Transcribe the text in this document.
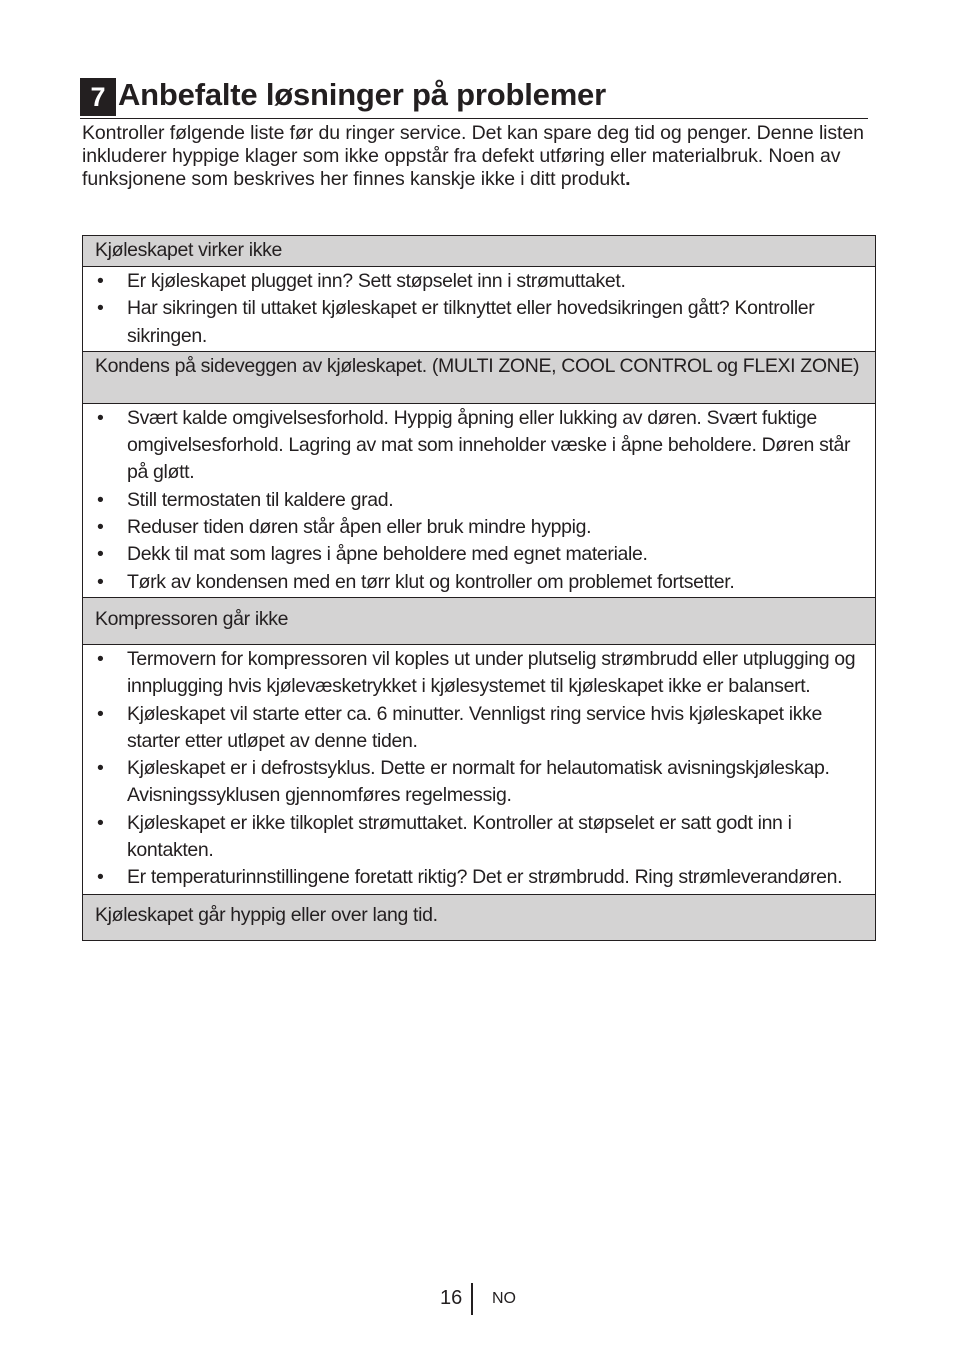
7 Anbefalte løsninger på problemer
Kontroller følgende liste før du ringer service. Det kan spare deg tid og penger. Denne listen inkluderer hyppige klager som ikke oppstår fra defekt utføring eller materialbruk. Noen av funksjonene som beskrives her finnes kanskje ikke i ditt produkt.
Kjøleskapet virker ikke

• Er kjøleskapet plugget inn? Sett støpselet inn i strømuttaket.
• Har sikringen til uttaket kjøleskapet er tilknyttet eller hovedsikringen gått? Kontroller sikringen.

Kondens på sideveggen av kjøleskapet. (MULTI ZONE, COOL CONTROL og FLEXI ZONE)

• Svært kalde omgivelsesforhold. Hyppig åpning eller lukking av døren. Svært fuktige omgivelsesforhold. Lagring av mat som inneholder væske i åpne beholdere. Døren står på gløtt.
• Still termostaten til kaldere grad.
• Reduser tiden døren står åpen eller bruk mindre hyppig.
• Dekk til mat som lagres i åpne beholdere med egnet materiale.
• Tørk av kondensen med en tørr klut og kontroller om problemet fortsetter.

Kompressoren går ikke

• Termovern for kompressoren vil koples ut under plutselig strømbrudd eller utplugging og innplugging hvis kjølevæsketrykket i kjølesystemet til kjøleskapet ikke er balansert.
• Kjøleskapet vil starte etter ca. 6 minutter. Vennligst ring service hvis kjøleskapet ikke starter etter utløpet av denne tiden.
• Kjøleskapet er i defrostsyklus. Dette er normalt for helautomatisk avisningskjøleskap. Avisningssyklusen gjennomføres regelmessig.
• Kjøleskapet er ikke tilkoplet strømuttaket. Kontroller at støpselet er satt godt inn i kontakten.
• Er temperaturinnstillingene foretatt riktig? Det er strømbrudd. Ring strømleverandøren.

Kjøleskapet går hyppig eller over lang tid.
16 NO
